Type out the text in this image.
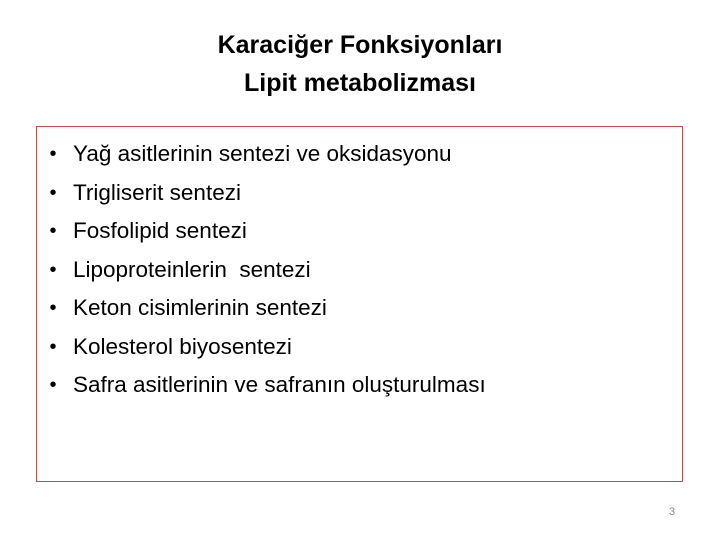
Karaciğer Fonksiyonları
Lipit metabolizması

•

Yağ asitlerinin sentezi ve oksidasyonu

•

Trigliserit sentezi

•

Fosfolipid sentezi

•

Lipoproteinlerin  sentezi

•

Keton cisimlerinin sentezi

•

Kolesterol biyosentezi

•

Safra asitlerinin ve safranın oluşturulması

3
